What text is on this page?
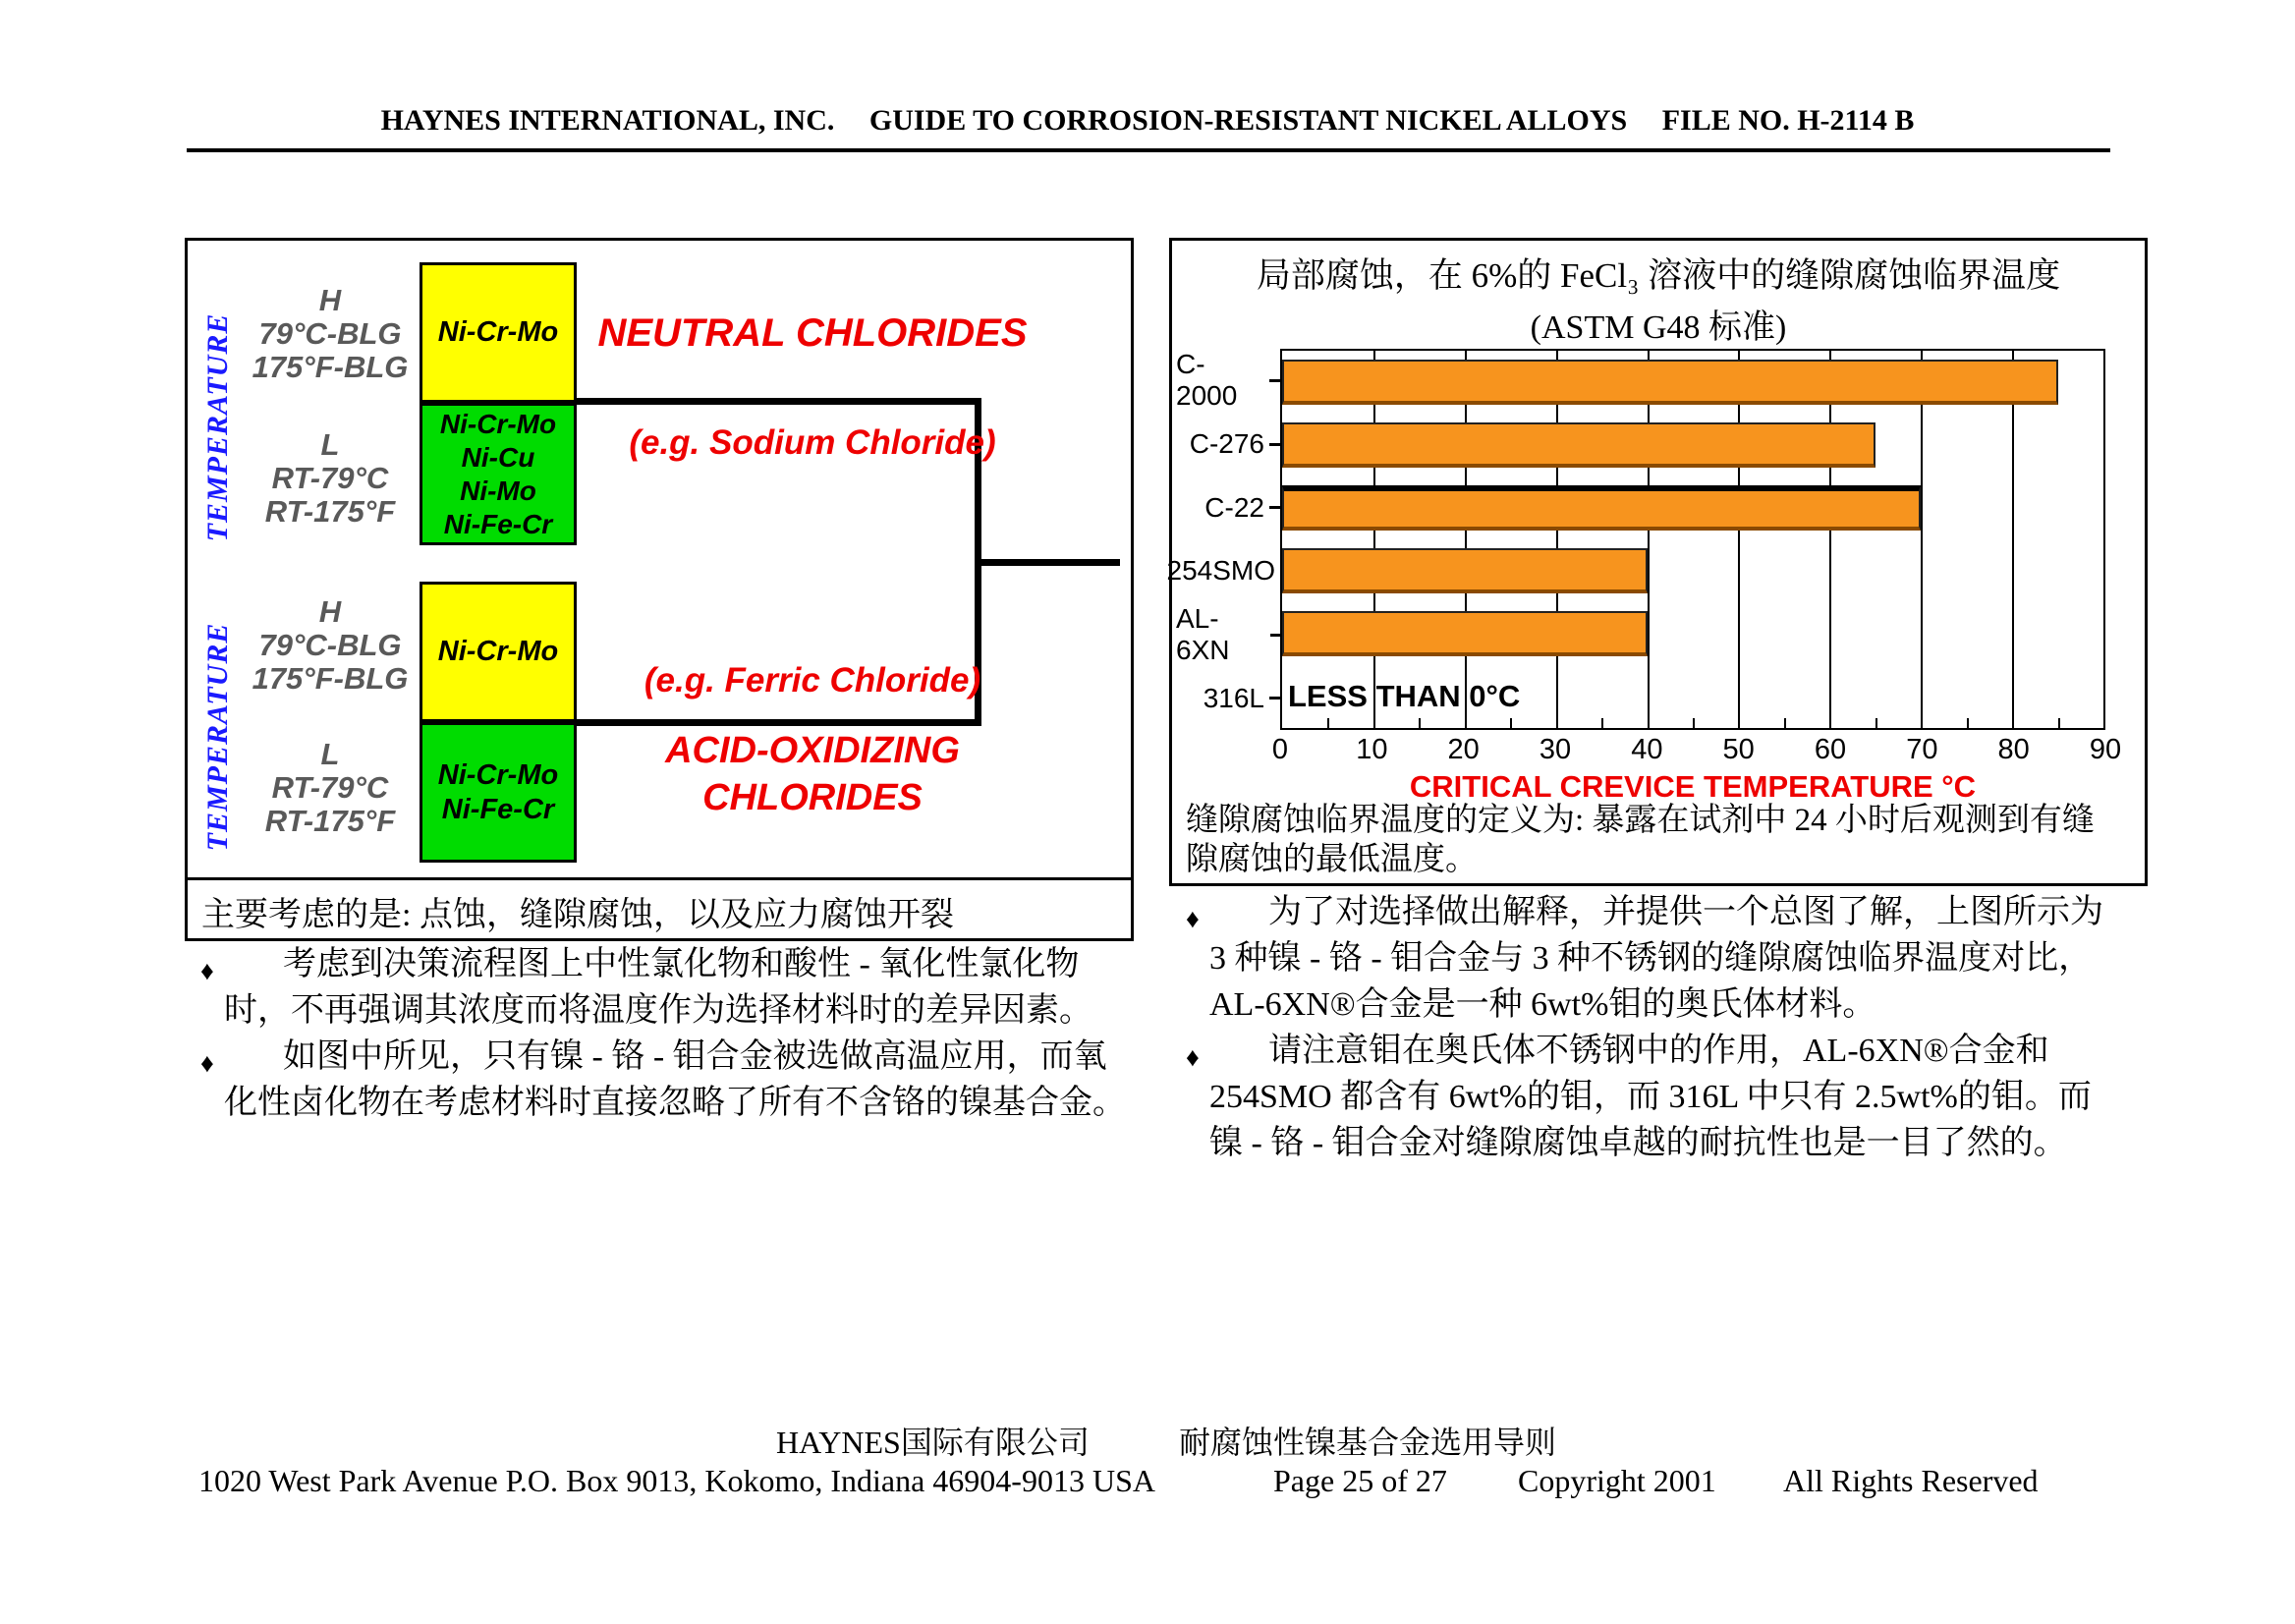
HAYNES INTERNATIONAL, INC. GUIDE TO CORROSION-RESISTANT NICKEL ALLOYS FILE NO. H-2114 B
TEMPERATURE
TEMPERATURE
H
79°C-BLG
175°F-BLG
L
RT-79°C
RT-175°F
H
79°C-BLG
175°F-BLG
L
RT-79°C
RT-175°F
Ni-Cr-Mo
Ni-Cr-Mo
Ni-Cu
Ni-Mo
Ni-Fe-Cr
Ni-Cr-Mo
Ni-Cr-Mo
Ni-Fe-Cr
NEUTRAL CHLORIDES
(e.g. Sodium Chloride)
(e.g. Ferric Chloride)
ACID-OXIDIZING
CHLORIDES
主要考虑的是: 点蚀，缝隙腐蚀，以及应力腐蚀开裂
局部腐蚀，在 6%的 FeCl₃ 溶液中的缝隙腐蚀临界温度
(ASTM G48 标准)
C-2000
C-276
C-22
254SMO
AL-6XN
316L LESS THAN 0°C
0 10 20 30 40 50 60 70 80 90
CRITICAL CREVICE TEMPERATURE °C
缝隙腐蚀临界温度的定义为: 暴露在试剂中 24 小时后观测到有缝
隙腐蚀的最低温度。
♦	考虑到决策流程图上中性氯化物和酸性 - 氧化性氯化物
时，不再强调其浓度而将温度作为选择材料时的差异因素。
♦	如图中所见，只有镍 - 铬 - 钼合金被选做高温应用，而氧
化性卤化物在考虑材料时直接忽略了所有不含铬的镍基合金。
♦	为了对选择做出解释，并提供一个总图了解，上图所示为
3 种镍 - 铬 - 钼合金与 3 种不锈钢的缝隙腐蚀临界温度对比，
AL-6XN®合金是一种 6wt%钼的奥氏体材料。
♦	请注意钼在奥氏体不锈钢中的作用，AL-6XN®合金和
254SMO 都含有 6wt%的钼，而 316L 中只有 2.5wt%的钼。而
镍 - 铬 - 钼合金对缝隙腐蚀卓越的耐抗性也是一目了然的。
HAYNES国际有限公司	耐腐蚀性镍基合金选用导则
1020 West Park Avenue P.O. Box 9013, Kokomo, Indiana 46904-9013 USA	Page 25 of 27 Copyright 2001 All Rights Reserved
